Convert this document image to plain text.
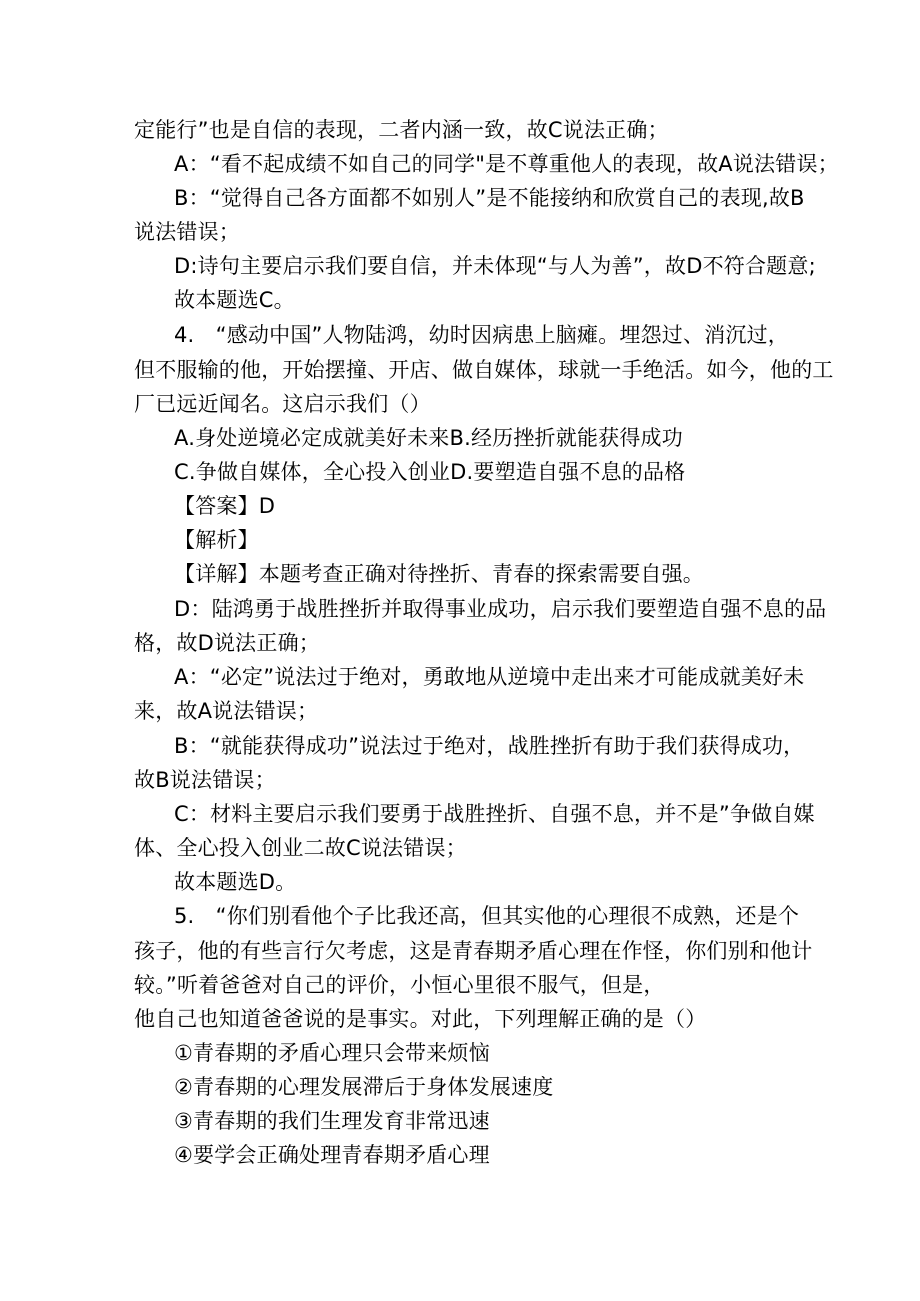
定能行”也是自信的表现，二者内涵一致，故C说法正确；
A：“看不起成绩不如自己的同学"是不尊重他人的表现，故A说法错误；
B：“觉得自己各方面都不如别人”是不能接纳和欣赏自己的表现,故B
说法错误；
D:诗句主要启示我们要自信，并未体现“与人为善”，故D不符合题意;
故本题选C。
4.　“感动中国”人物陆鸿，幼时因病患上脑瘫。埋怨过、消沉过，
但不服输的他，开始摆撞、开店、做自媒体，球就一手绝活。如今，他的工
厂已远近闻名。这启示我们（）
A.身处逆境必定成就美好未来B.经历挫折就能获得成功
C.争做自媒体，全心投入创业D.要塑造自强不息的品格
【答案】D
【解析】
【详解】本题考查正确对待挫折、青春的探索需要自强。
D：陆鸿勇于战胜挫折并取得事业成功，启示我们要塑造自强不息的品
格，故D说法正确；
A：“必定”说法过于绝对，勇敢地从逆境中走出来才可能成就美好未
来，故A说法错误；
B：“就能获得成功”说法过于绝对，战胜挫折有助于我们获得成功，
故B说法错误；
C：材料主要启示我们要勇于战胜挫折、自强不息，并不是”争做自媒
体、全心投入创业二故C说法错误；
故本题选D。
5.　“你们别看他个子比我还高，但其实他的心理很不成熟，还是个
孩子，他的有些言行欠考虑，这是青春期矛盾心理在作怪，你们别和他计
较。”听着爸爸对自己的评价，小恒心里很不服气，但是，
他自己也知道爸爸说的是事实。对此，下列理解正确的是（）
①青春期的矛盾心理只会带来烦恼
②青春期的心理发展滞后于身体发展速度
③青春期的我们生理发育非常迅速
④要学会正确处理青春期矛盾心理
